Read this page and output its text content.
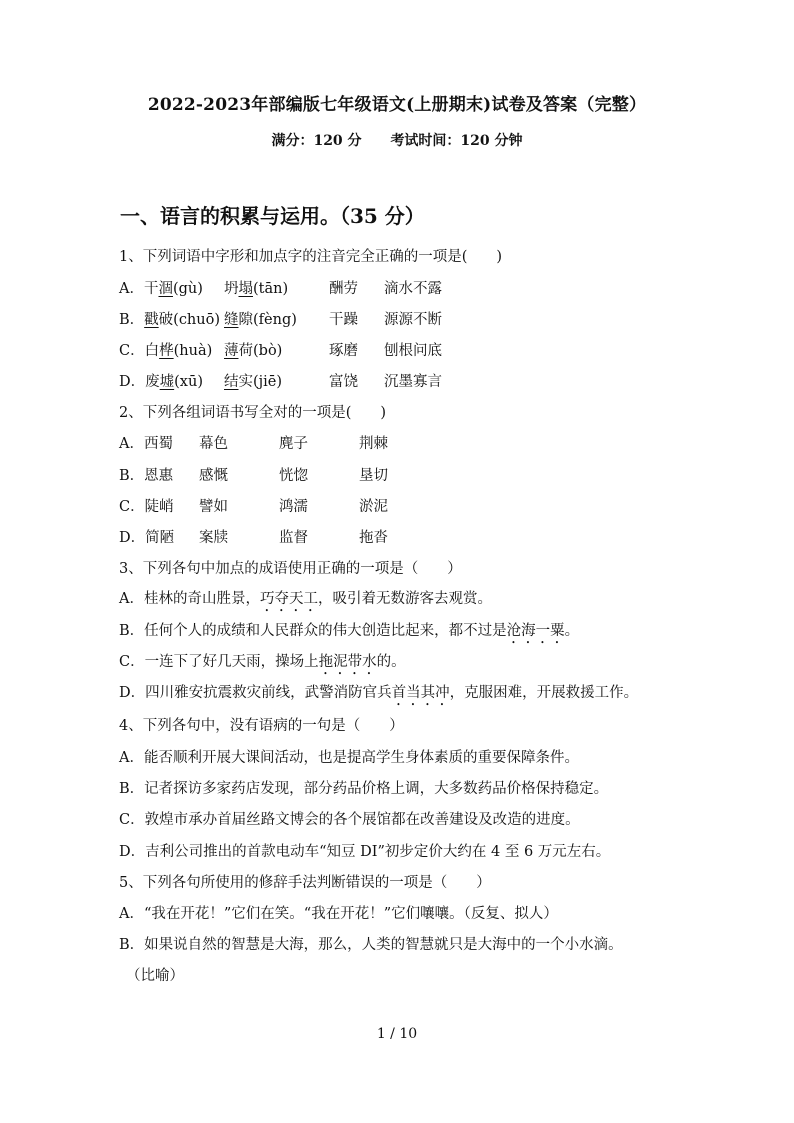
2022-2023年部编版七年级语文(上册期末)试卷及答案（完整）
满分：120 分 考试时间：120 分钟
一、语言的积累与运用。（35 分）
1、下列词语中字形和加点字的注音完全正确的一项是(　　)
A．干涸(gù) 坍塌(tān)	酬劳 滴水不露
B．戳破(chuō) 缝隙(fèng) 干躁 源源不断
C．白桦(huà) 薄荷(bò)	琢磨 刨根问底
D．废墟(xū) 结实(jiē)	富饶 沉墨寡言
2、下列各组词语书写全对的一项是(　　)
A．西蜀 幕色	麂子	荆棘
B．恩惠 感慨	恍惚	垦切
C．陡峭 譬如	鸿濡	淤泥
D．简陋 案牍	监督	拖沓
3、下列各句中加点的成语使用正确的一项是（　　）
A．桂林的奇山胜景，巧夺天工，吸引着无数游客去观赏。
B．任何个人的成绩和人民群众的伟大创造比起来，都不过是沧海一粟。
C．一连下了好几天雨，操场上拖泥带水的。
D．四川雅安抗震救灾前线，武警消防官兵首当其冲，克服困难，开展救援工作。
4、下列各句中，没有语病的一句是（　　）
A．能否顺利开展大课间活动，也是提高学生身体素质的重要保障条件。
B．记者探访多家药店发现，部分药品价格上调，大多数药品价格保持稳定。
C．敦煌市承办首届丝路文博会的各个展馆都在改善建设及改造的进度。
D．吉利公司推出的首款电动车“知豆 DI”初步定价大约在 4 至 6 万元左右。
5、下列各句所使用的修辞手法判断错误的一项是（　　）
A．“我在开花！”它们在笑。“我在开花！”它们嚷嚷。（反复、拟人）
B．如果说自然的智慧是大海，那么，人类的智慧就只是大海中的一个小水滴。
（比喻）
1 / 10
